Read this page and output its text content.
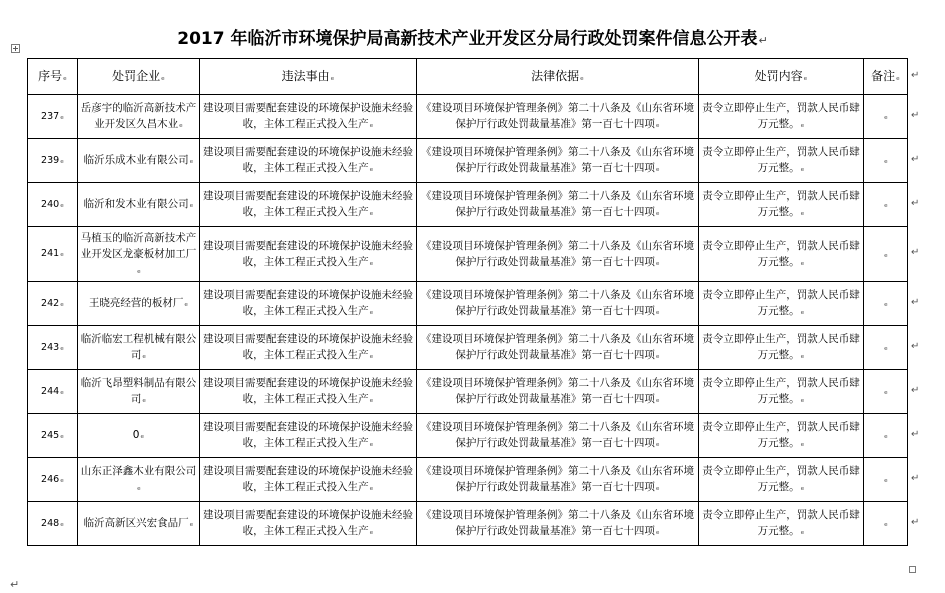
2017 年临沂市环境保护局高新技术产业开发区分局行政处罚案件信息公开表↵
序号ₑ	处罚企业ₑ	违法事由ₑ	法律依据ₑ	处罚内容ₑ	备注ₑ
237ₑ	岳彦宇的临沂高新技术产业开发区久昌木业ₑ	建设项目需要配套建设的环境保护设施未经验收，主体工程正式投入生产ₑ	《建设项目环境保护管理条例》第二十八条及《山东省环境保护厅行政处罚裁量基准》第一百七十四项ₑ	责令立即停止生产，罚款人民币肆万元整。ₑ	ₑ
239ₑ	临沂乐成木业有限公司ₑ	建设项目需要配套建设的环境保护设施未经验收，主体工程正式投入生产ₑ	《建设项目环境保护管理条例》第二十八条及《山东省环境保护厅行政处罚裁量基准》第一百七十四项ₑ	责令立即停止生产，罚款人民币肆万元整。ₑ	ₑ
240ₑ	临沂和发木业有限公司ₑ	建设项目需要配套建设的环境保护设施未经验收，主体工程正式投入生产ₑ	《建设项目环境保护管理条例》第二十八条及《山东省环境保护厅行政处罚裁量基准》第一百七十四项ₑ	责令立即停止生产，罚款人民币肆万元整。ₑ	ₑ
241ₑ	马植玉的临沂高新技术产业开发区龙豪板材加工厂ₑ	建设项目需要配套建设的环境保护设施未经验收，主体工程正式投入生产ₑ	《建设项目环境保护管理条例》第二十八条及《山东省环境保护厅行政处罚裁量基准》第一百七十四项ₑ	责令立即停止生产，罚款人民币肆万元整。ₑ	ₑ
242ₑ	王晓亮经营的板材厂ₑ	建设项目需要配套建设的环境保护设施未经验收，主体工程正式投入生产ₑ	《建设项目环境保护管理条例》第二十八条及《山东省环境保护厅行政处罚裁量基准》第一百七十四项ₑ	责令立即停止生产，罚款人民币肆万元整。ₑ	ₑ
243ₑ	临沂临宏工程机械有限公司ₑ	建设项目需要配套建设的环境保护设施未经验收，主体工程正式投入生产ₑ	《建设项目环境保护管理条例》第二十八条及《山东省环境保护厅行政处罚裁量基准》第一百七十四项ₑ	责令立即停止生产，罚款人民币肆万元整。ₑ	ₑ
244ₑ	临沂飞昂塑料制品有限公司ₑ	建设项目需要配套建设的环境保护设施未经验收，主体工程正式投入生产ₑ	《建设项目环境保护管理条例》第二十八条及《山东省环境保护厅行政处罚裁量基准》第一百七十四项ₑ	责令立即停止生产，罚款人民币肆万元整。ₑ	ₑ
245ₑ	0ₑ	建设项目需要配套建设的环境保护设施未经验收，主体工程正式投入生产ₑ	《建设项目环境保护管理条例》第二十八条及《山东省环境保护厅行政处罚裁量基准》第一百七十四项ₑ	责令立即停止生产，罚款人民币肆万元整。ₑ	ₑ
246ₑ	山东正泽鑫木业有限公司ₑ	建设项目需要配套建设的环境保护设施未经验收，主体工程正式投入生产ₑ	《建设项目环境保护管理条例》第二十八条及《山东省环境保护厅行政处罚裁量基准》第一百七十四项ₑ	责令立即停止生产，罚款人民币肆万元整。ₑ	ₑ
248ₑ	临沂高新区兴宏食品厂ₑ	建设项目需要配套建设的环境保护设施未经验收，主体工程正式投入生产ₑ	《建设项目环境保护管理条例》第二十八条及《山东省环境保护厅行政处罚裁量基准》第一百七十四项ₑ	责令立即停止生产，罚款人民币肆万元整。ₑ	ₑ
↵
↵
↵
↵
↵
↵
↵
↵
↵
↵
↵
↵
